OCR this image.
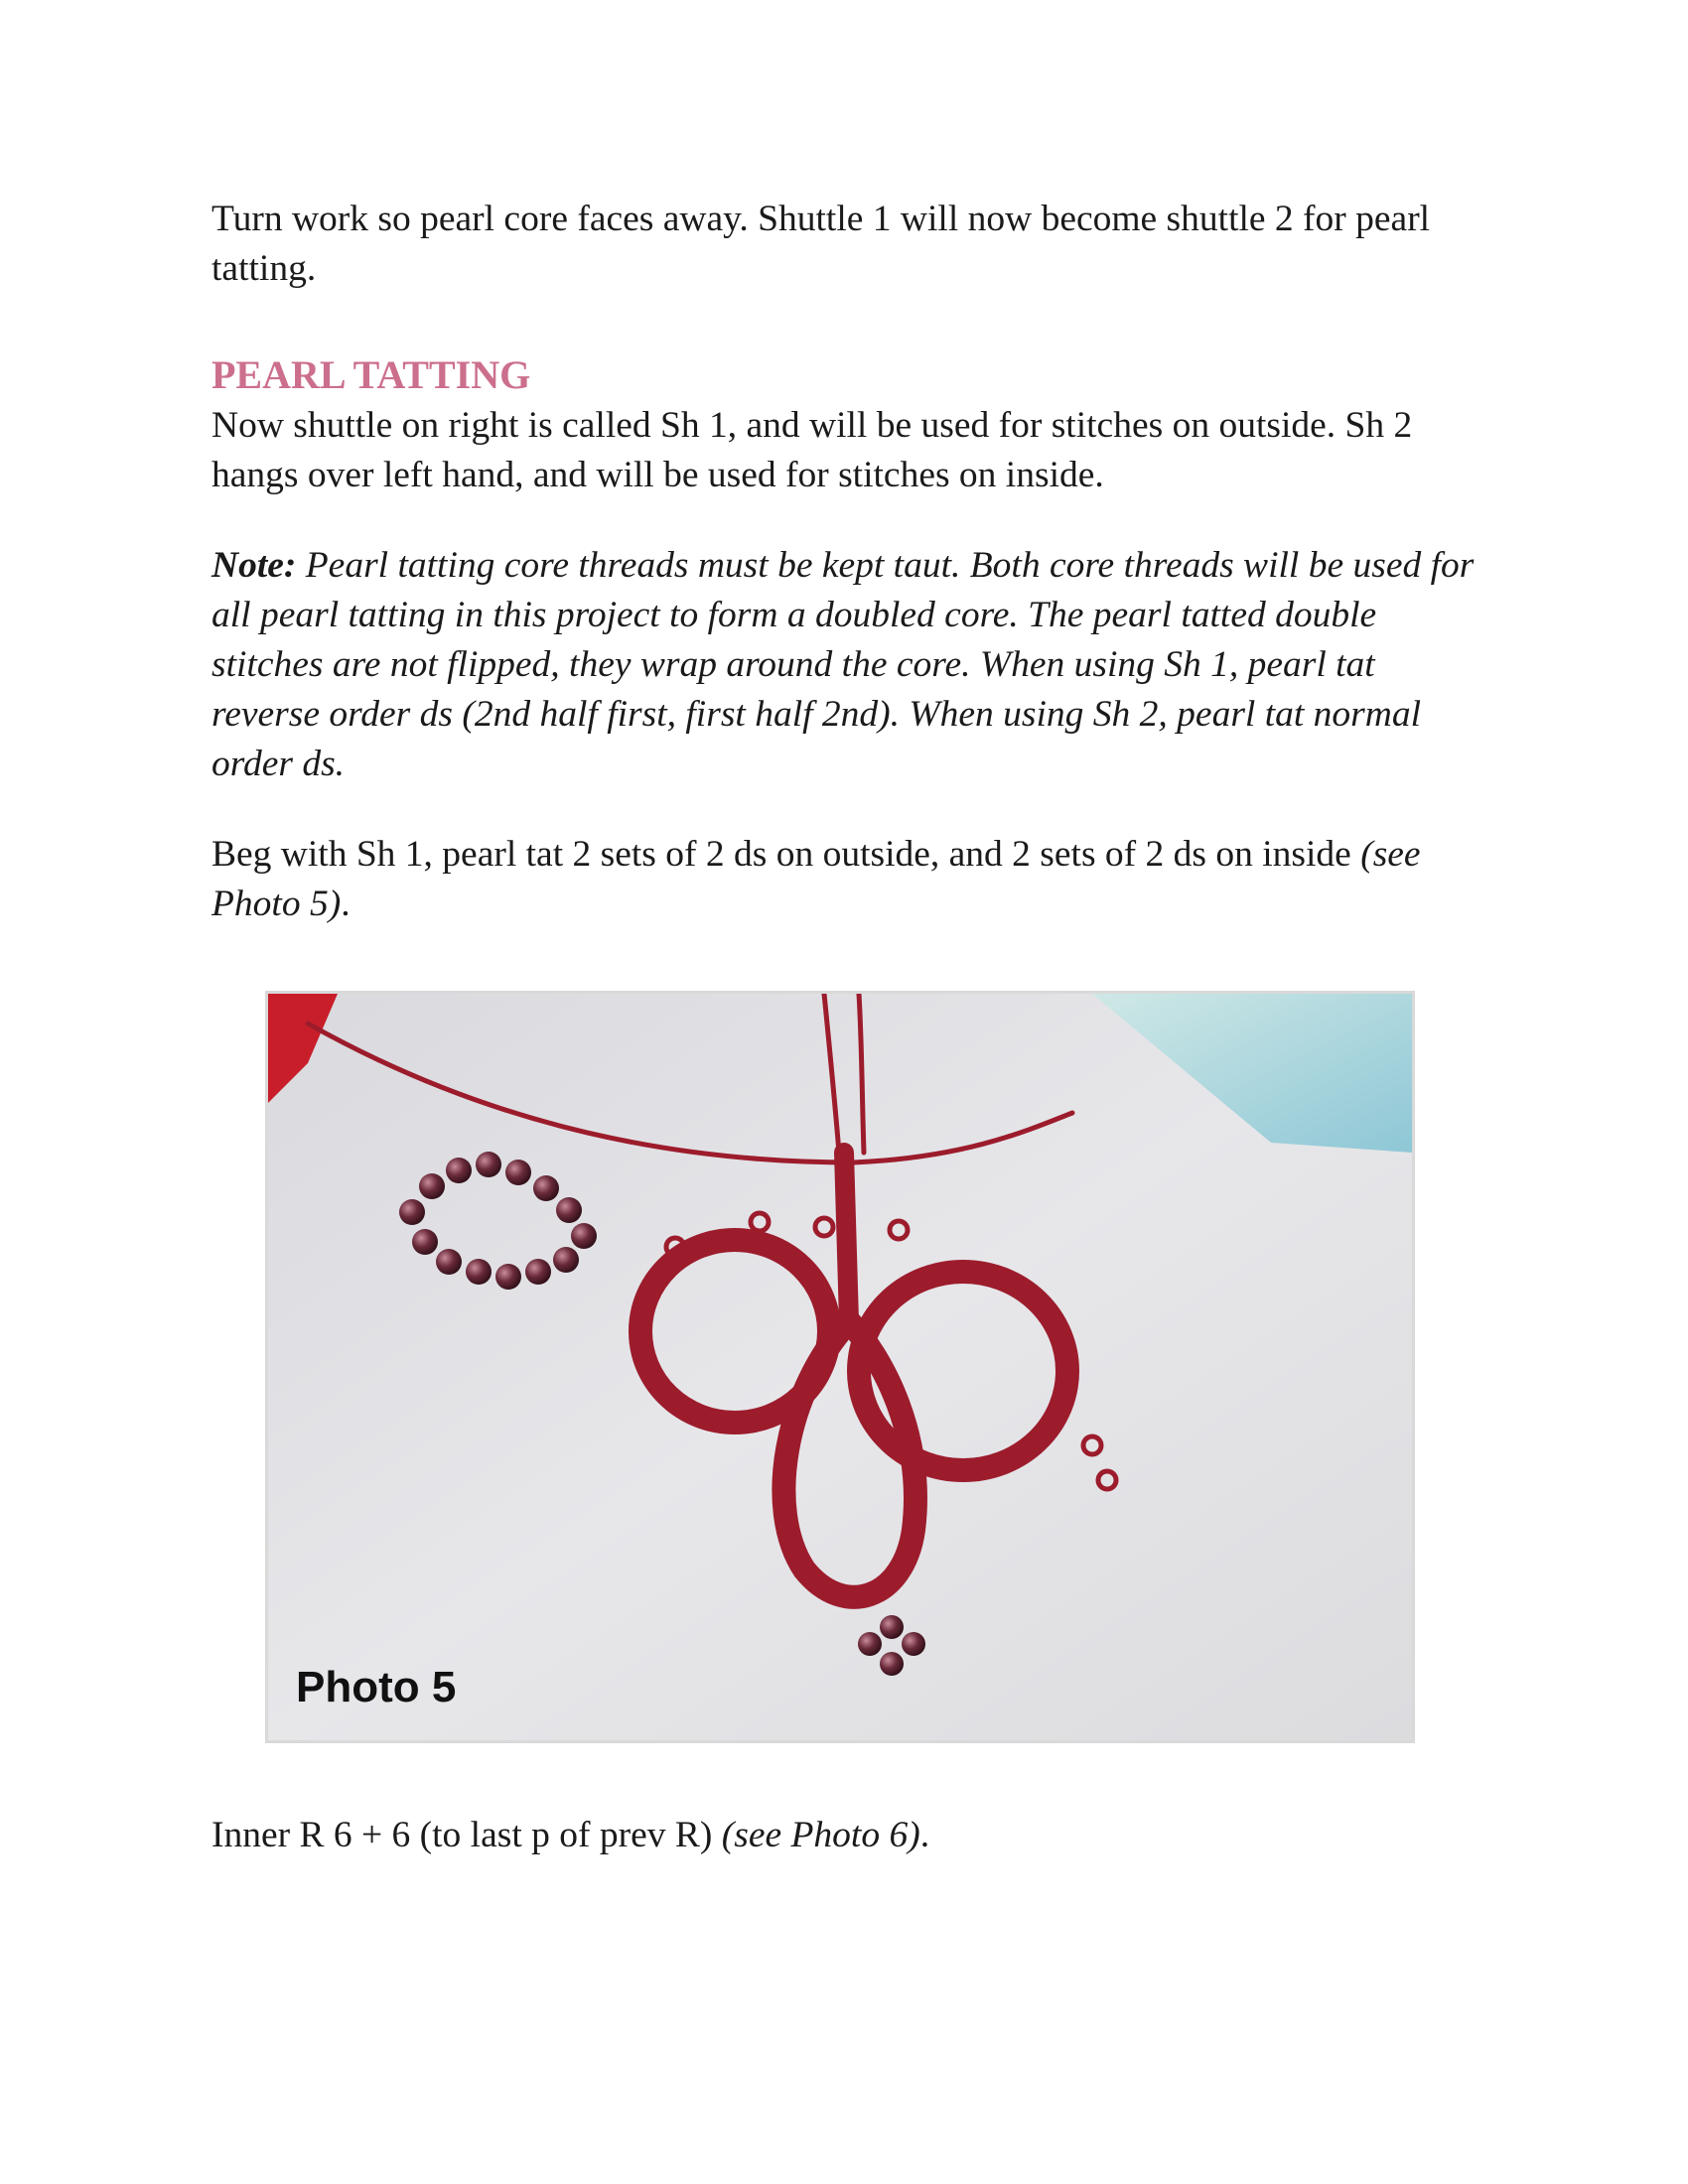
Turn work so pearl core faces away. Shuttle 1 will now become shuttle 2 for pearl tatting.

PEARL TATTING

Now shuttle on right is called Sh 1, and will be used for stitches on outside. Sh 2 hangs over left hand, and will be used for stitches on inside.

Note: Pearl tatting core threads must be kept taut. Both core threads will be used for all pearl tatting in this project to form a doubled core. The pearl tatted double stitches are not flipped, they wrap around the core. When using Sh 1, pearl tat reverse order ds (2nd half first, first half 2nd). When using Sh 2, pearl tat normal order ds.

Beg with Sh 1, pearl tat 2 sets of 2 ds on outside, and 2 sets of 2 ds on inside (see Photo 5).

Photo 5

Inner R 6 + 6 (to last p of prev R) (see Photo 6).
